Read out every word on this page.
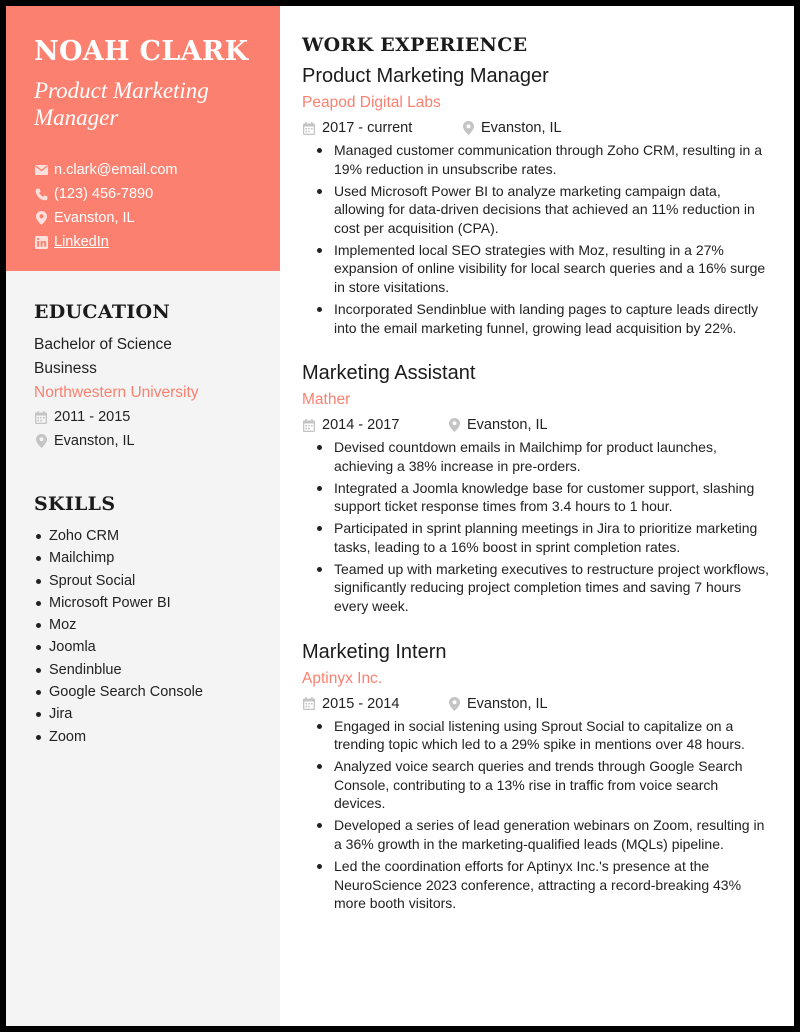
NOAH CLARK
Product Marketing Manager
n.clark@email.com
(123) 456-7890
Evanston, IL
LinkedIn
EDUCATION
Bachelor of Science
Business
Northwestern University
2011 - 2015
Evanston, IL
SKILLS
Zoho CRM
Mailchimp
Sprout Social
Microsoft Power BI
Moz
Joomla
Sendinblue
Google Search Console
Jira
Zoom
WORK EXPERIENCE
Product Marketing Manager
Peapod Digital Labs
2017 - current	Evanston, IL
Managed customer communication through Zoho CRM, resulting in a 19% reduction in unsubscribe rates.
Used Microsoft Power BI to analyze marketing campaign data, allowing for data-driven decisions that achieved an 11% reduction in cost per acquisition (CPA).
Implemented local SEO strategies with Moz, resulting in a 27% expansion of online visibility for local search queries and a 16% surge in store visitations.
Incorporated Sendinblue with landing pages to capture leads directly into the email marketing funnel, growing lead acquisition by 22%.
Marketing Assistant
Mather
2014 - 2017	Evanston, IL
Devised countdown emails in Mailchimp for product launches, achieving a 38% increase in pre-orders.
Integrated a Joomla knowledge base for customer support, slashing support ticket response times from 3.4 hours to 1 hour.
Participated in sprint planning meetings in Jira to prioritize marketing tasks, leading to a 16% boost in sprint completion rates.
Teamed up with marketing executives to restructure project workflows, significantly reducing project completion times and saving 7 hours every week.
Marketing Intern
Aptinyx Inc.
2015 - 2014	Evanston, IL
Engaged in social listening using Sprout Social to capitalize on a trending topic which led to a 29% spike in mentions over 48 hours.
Analyzed voice search queries and trends through Google Search Console, contributing to a 13% rise in traffic from voice search devices.
Developed a series of lead generation webinars on Zoom, resulting in a 36% growth in the marketing-qualified leads (MQLs) pipeline.
Led the coordination efforts for Aptinyx Inc.'s presence at the NeuroScience 2023 conference, attracting a record-breaking 43% more booth visitors.
